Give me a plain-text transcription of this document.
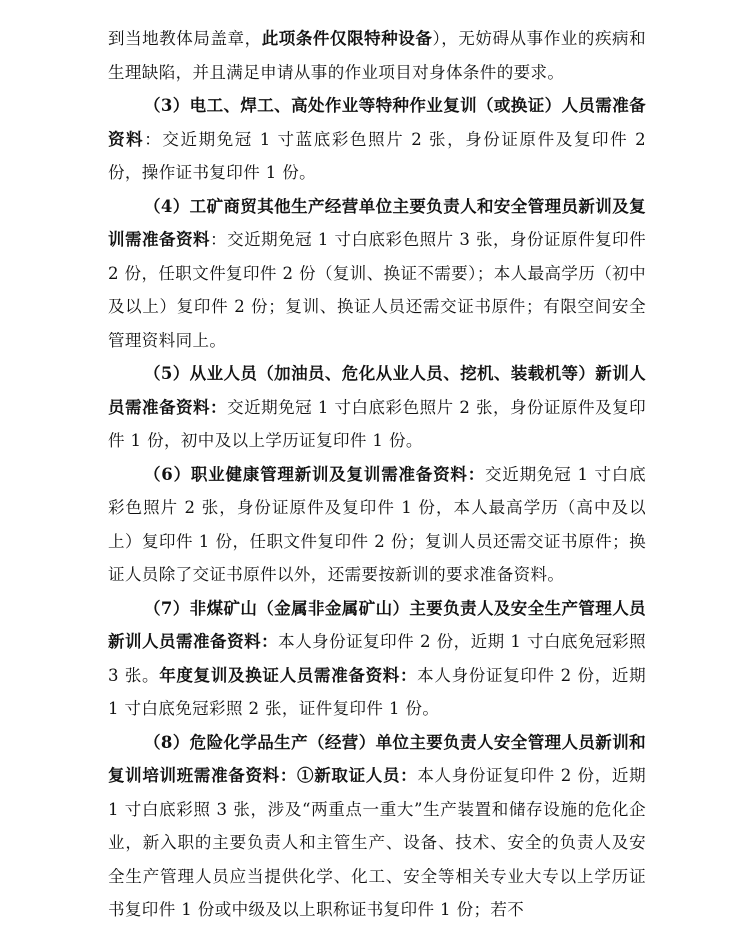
到当地教体局盖章，此项条件仅限特种设备），无妨碍从事作业的疾病和生理缺陷，并且满足申请从事的作业项目对身体条件的要求。

（3）电工、焊工、高处作业等特种作业复训（或换证）人员需准备资料：交近期免冠 1 寸蓝底彩色照片 2 张，身份证原件及复印件 2 份，操作证书复印件 1 份。

（4）工矿商贸其他生产经营单位主要负责人和安全管理员新训及复训需准备资料：交近期免冠 1 寸白底彩色照片 3 张，身份证原件复印件 2 份，任职文件复印件 2 份（复训、换证不需要）；本人最高学历（初中及以上）复印件 2 份；复训、换证人员还需交证书原件；有限空间安全管理资料同上。

（5）从业人员（加油员、危化从业人员、挖机、装载机等）新训人员需准备资料：交近期免冠 1 寸白底彩色照片 2 张，身份证原件及复印件 1 份，初中及以上学历证复印件 1 份。

（6）职业健康管理新训及复训需准备资料：交近期免冠 1 寸白底彩色照片 2 张，身份证原件及复印件 1 份，本人最高学历（高中及以上）复印件 1 份，任职文件复印件 2 份；复训人员还需交证书原件；换证人员除了交证书原件以外，还需要按新训的要求准备资料。

（7）非煤矿山（金属非金属矿山）主要负责人及安全生产管理人员新训人员需准备资料：本人身份证复印件 2 份，近期 1 寸白底免冠彩照 3 张。年度复训及换证人员需准备资料：本人身份证复印件 2 份，近期 1 寸白底免冠彩照 2 张，证件复印件 1 份。

（8）危险化学品生产（经营）单位主要负责人安全管理人员新训和复训培训班需准备资料：①新取证人员：本人身份证复印件 2 份，近期 1 寸白底彩照 3 张，涉及“两重点一重大”生产装置和储存设施的危化企业，新入职的主要负责人和主管生产、设备、技术、安全的负责人及安全生产管理人员应当提供化学、化工、安全等相关专业大专以上学历证书复印件 1 份或中级及以上职称证书复印件 1 份；若不
